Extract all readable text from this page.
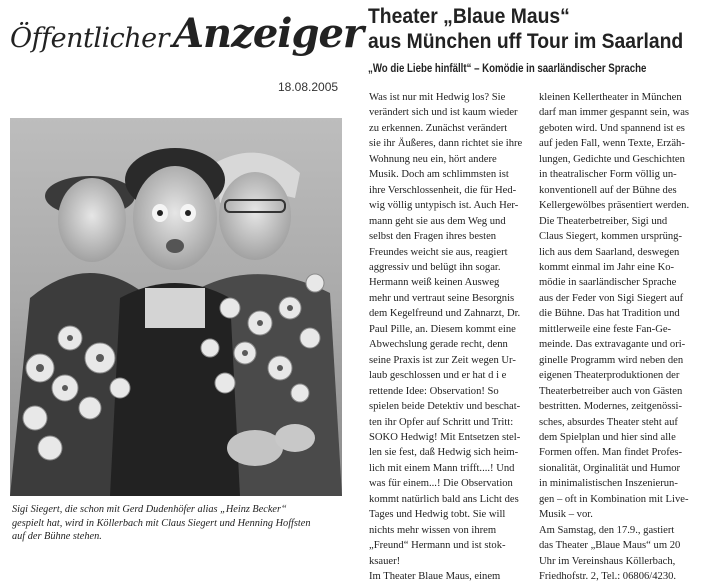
Öffentlicher Anzeiger
18.08.2005
Theater „Blaue Maus“
aus München uff Tour im Saarland
„Wo die Liebe hinfällt“ – Komödie in saarländischer Sprache
Sigi Siegert, die schon mit Gerd Dudenhöfer alias „Heinz Becker“
gespielt hat, wird in Köllerbach mit Claus Siegert und Henning Hoffsten
auf der Bühne stehen.
Was ist nur mit Hedwig los? Sie
verändert sich und ist kaum wieder
zu erkennen. Zunächst verändert
sie ihr Äußeres, dann richtet sie ihre
Wohnung neu ein, hört andere
Musik. Doch am schlimmsten ist
ihre Verschlossenheit, die für Hed-
wig völlig untypisch ist. Auch Her-
mann geht sie aus dem Weg und
selbst den Fragen ihres besten
Freundes weicht sie aus, reagiert
aggressiv und belügt ihn sogar.
Hermann weiß keinen Ausweg
mehr und vertraut seine Besorgnis
dem Kegelfreund und Zahnarzt, Dr.
Paul Pille, an. Diesem kommt eine
Abwechslung gerade recht, denn
seine Praxis ist zur Zeit wegen Ur-
laub geschlossen und er hat d i e
rettende Idee: Observation! So
spielen beide Detektiv und beschat-
ten ihr Opfer auf Schritt und Tritt:
SOKO Hedwig! Mit Entsetzen stel-
len sie fest, daß Hedwig sich heim-
lich mit einem Mann trifft....! Und
was für einem...! Die Observation
kommt natürlich bald ans Licht des
Tages und Hedwig tobt. Sie will
nichts mehr wissen von ihrem
„Freund“ Hermann und ist stok-
ksauer!
Im Theater Blaue Maus, einem
kleinen Kellertheater in München
darf man immer gespannt sein, was
geboten wird. Und spannend ist es
auf jeden Fall, wenn Texte, Erzäh-
lungen, Gedichte und Geschichten
in theatralischer Form völlig un-
konventionell auf der Bühne des
Kellergewölbes präsentiert werden.
Die Theaterbetreiber, Sigi und
Claus Siegert, kommen ursprüng-
lich aus dem Saarland, deswegen
kommt einmal im Jahr eine Ko-
mödie in saarländischer Sprache
aus der Feder von Sigi Siegert auf
die Bühne. Das hat Tradition und
mittlerweile eine feste Fan-Ge-
meinde. Das extravagante und ori-
ginelle Programm wird neben den
eigenen Theaterproduktionen der
Theaterbetreiber auch von Gästen
bestritten. Modernes, zeitgenössi-
sches, absurdes Theater steht auf
dem Spielplan und hier sind alle
Formen offen. Man findet Profes-
sionalität, Orginalität und Humor
in minimalistischen Inszenierun-
gen – oft in Kombination mit Live-
Musik – vor.
Am Samstag, den 17.9., gastiert
das Theater „Blaue Maus“ um 20
Uhr im Vereinshaus Köllerbach,
Friedhofstr. 2, Tel.: 06806/4230.
